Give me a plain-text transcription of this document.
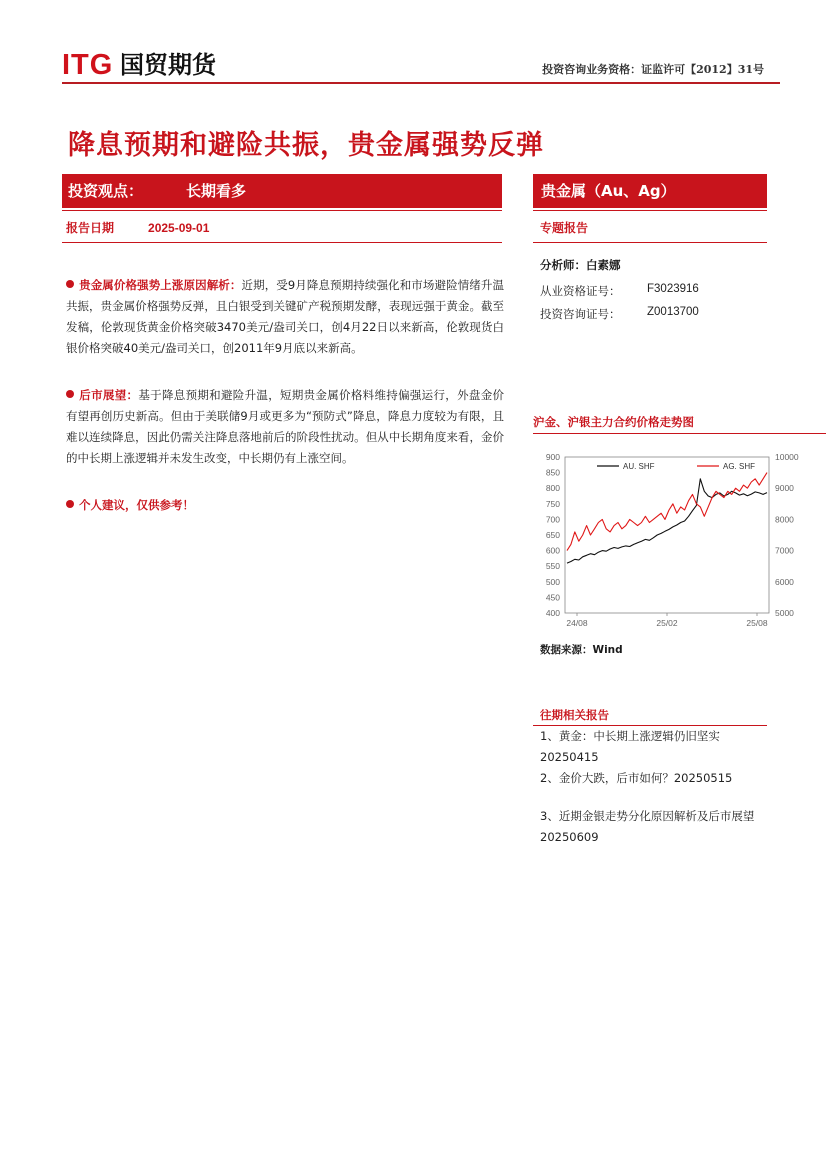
ITG 国贸期货	投资咨询业务资格：证监许可【2012】31号
降息预期和避险共振，贵金属强势反弹
投资观点：	长期看多	贵金属（Au、Ag）
报告日期	2025-09-01	专题报告
贵金属价格强势上涨原因解析：近期，受9月降息预期持续强化和市场避险情绪升温共振，贵金属价格强势反弹，且白银受到关键矿产税预期发酵，表现远强于黄金。截至发稿，伦敦现货黄金价格突破3470美元/盎司关口，创4月22日以来新高，伦敦现货白银价格突破40美元/盎司关口，创2011年9月底以来新高。
后市展望：基于降息预期和避险升温，短期贵金属价格料维持偏强运行，外盘金价有望再创历史新高。但由于美联储9月或更多为“预防式”降息，降息力度较为有限，且难以连续降息，因此仍需关注降息落地前后的阶段性扰动。但从中长期角度来看，金价的中长期上涨逻辑并未发生改变，中长期仍有上涨空间。
个人建议，仅供参考！
分析师：白素娜
从业资格证号： F3023916
投资咨询证号： Z0013700
沪金、沪银主力合约价格走势图
900
850
800
750
700
650
600
550
500
450
400
10000
9000
8000
7000
6000
5000
24/08	25/02	25/08
AU. SHF	AG. SHF
数据来源：Wind
往期相关报告
1、黄金：中长期上涨逻辑仍旧坚实20250415
2、金价大跌，后市如何？20250515
3、近期金银走势分化原因解析及后市展望20250609
